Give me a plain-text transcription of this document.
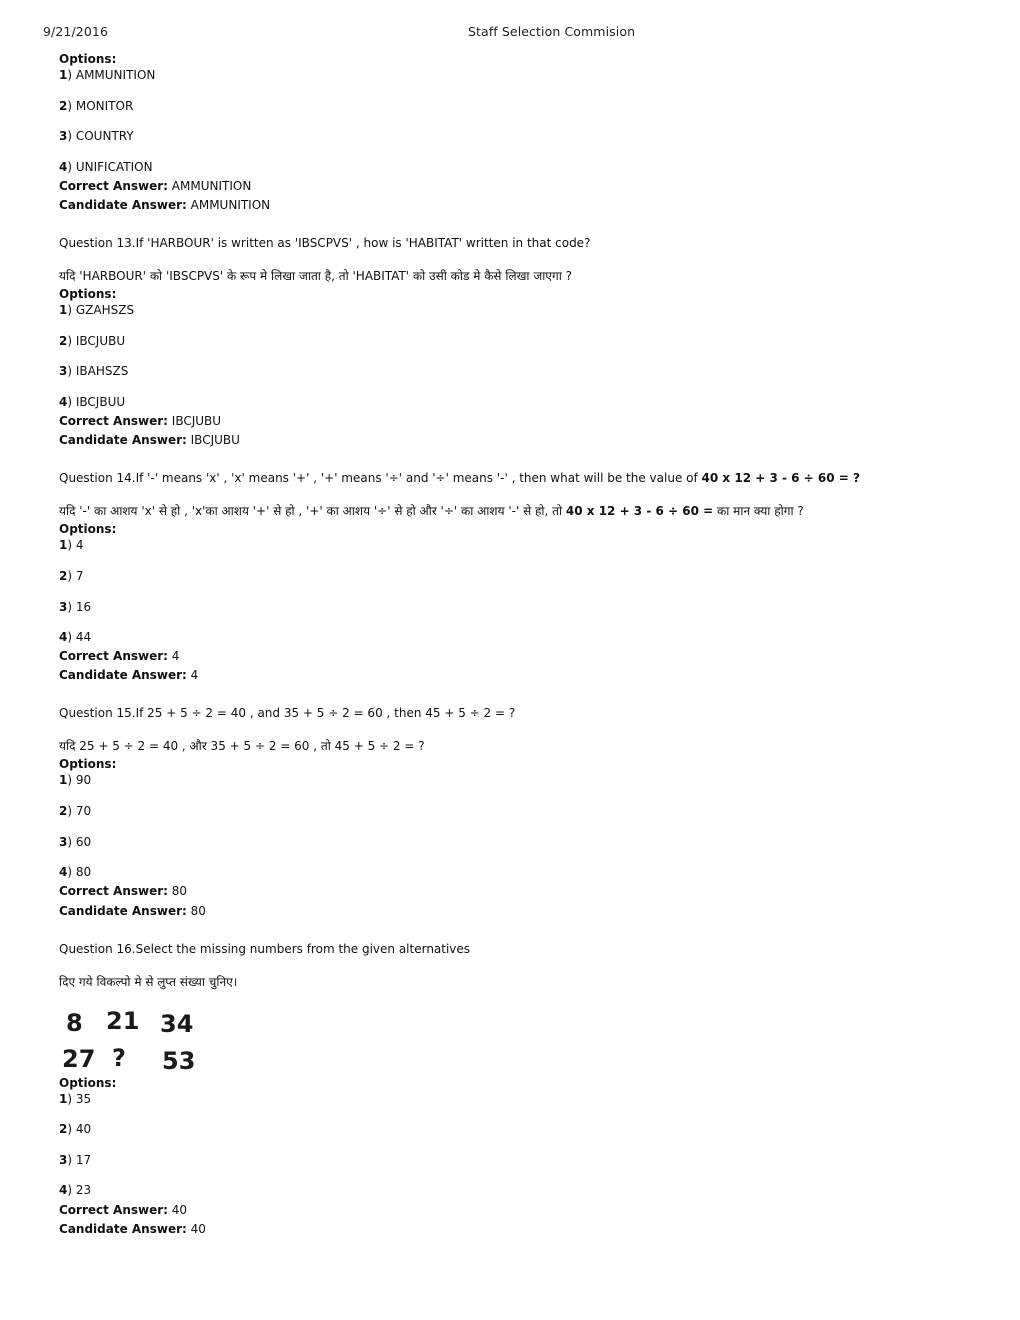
9/21/2016	Staff Selection Commision
Options:
1) AMMUNITION
2) MONITOR
3) COUNTRY
4) UNIFICATION
Correct Answer: AMMUNITION
Candidate Answer: AMMUNITION
Question 13.If 'HARBOUR' is written as 'IBSCPVS' , how is 'HABITAT' written in that code?
यदि 'HARBOUR' को 'IBSCPVS' के रूप मे लिखा जाता है, तो 'HABITAT' को उसी कोड मे कैसे लिखा जाएगा ?
Options:
1) GZAHSZS
2) IBCJUBU
3) IBAHSZS
4) IBCJBUU
Correct Answer: IBCJUBU
Candidate Answer: IBCJUBU
Question 14.If '-' means 'x' , 'x' means '+' , '+' means '÷' and '÷' means '-' , then what will be the value of 40 x 12 + 3 - 6 ÷ 60 = ?
यदि '-' का आशय 'x' से हो , 'x'का आशय '+' से हो , '+' का आशय '÷' से हो और '÷' का आशय '-' से हो, तो 40 x 12 + 3 - 6 ÷ 60 = का मान क्या होगा ?
Options:
1) 4
2) 7
3) 16
4) 44
Correct Answer: 4
Candidate Answer: 4
Question 15.If 25 + 5 ÷ 2 = 40 , and 35 + 5 ÷ 2 = 60 , then 45 + 5 ÷ 2 = ?
यदि 25 + 5 ÷ 2 = 40 , और 35 + 5 ÷ 2 = 60 , तो 45 + 5 ÷ 2 = ?
Options:
1) 90
2) 70
3) 60
4) 80
Correct Answer: 80
Candidate Answer: 80
Question 16.Select the missing numbers from the given alternatives
दिए गये विकल्पो मे से लुप्त संख्या चुनिए।
8 21 34
27 ? 53
Options:
1) 35
2) 40
3) 17
4) 23
Correct Answer: 40
Candidate Answer: 40
